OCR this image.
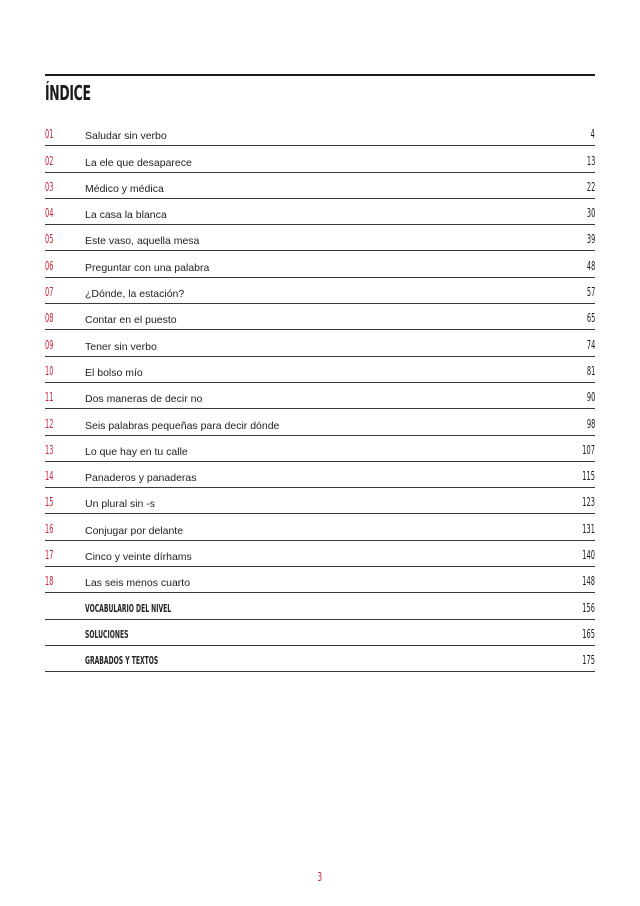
ÍNDICE
01	Saludar sin verbo	4
02	La ele que desaparece	13
03	Médico y médica	22
04	La casa la blanca	30
05	Este vaso, aquella mesa	39
06	Preguntar con una palabra	48
07	¿Dónde, la estación?	57
08	Contar en el puesto	65
09	Tener sin verbo	74
10	El bolso mío	81
11	Dos maneras de decir no	90
12	Seis palabras pequeñas para decir dónde	98
13	Lo que hay en tu calle	107
14	Panaderos y panaderas	115
15	Un plural sin -s	123
16	Conjugar por delante	131
17	Cinco y veinte dírhams	140
18	Las seis menos cuarto	148
VOCABULARIO DEL NIVEL	156
SOLUCIONES	165
GRABADOS Y TEXTOS	175
3
